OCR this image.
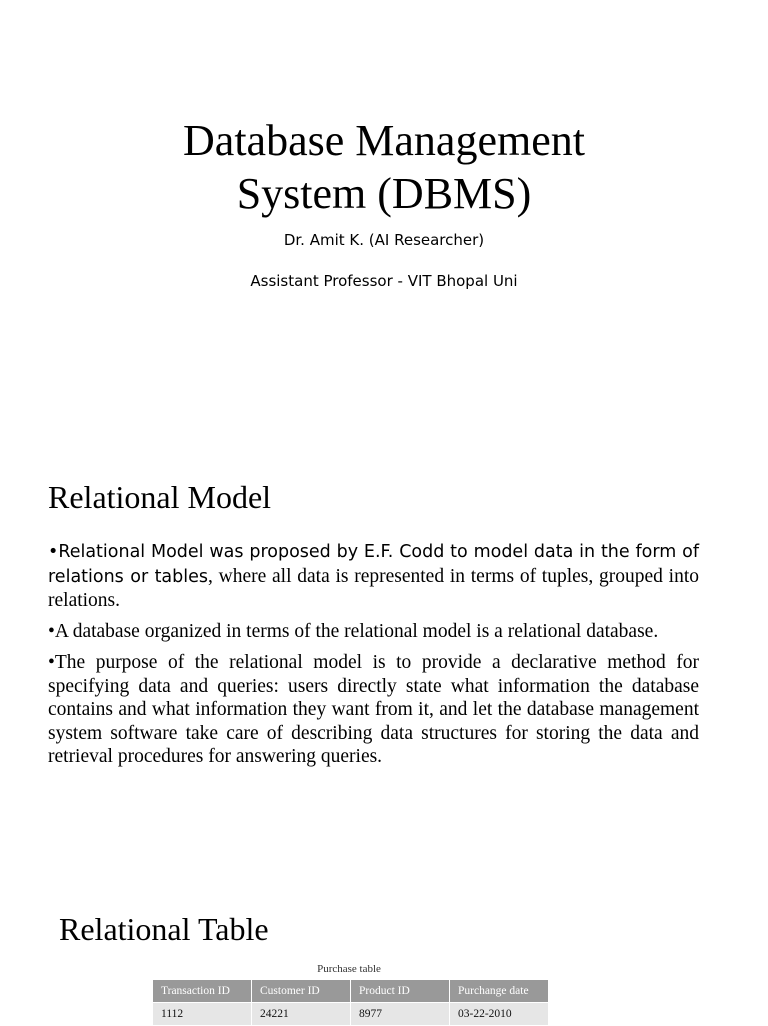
Database Management
System (DBMS)
Dr. Amit K. (AI Researcher)
Assistant Professor - VIT Bhopal Uni
Relational Model

•Relational Model was proposed by E.F. Codd to model data in the form of relations or tables, where all data is represented in terms of tuples, grouped into relations.

•A database organized in terms of the relational model is a relational database.

•The purpose of the relational model is to provide a declarative method for specifying data and queries: users directly state what information the database contains and what information they want from it, and let the database management system software take care of describing data structures for storing the data and retrieval procedures for answering queries.

Relational Table
Purchase table
Transaction ID	Customer ID	Product ID	Purchange date
1112	24221	8977	03-22-2010
